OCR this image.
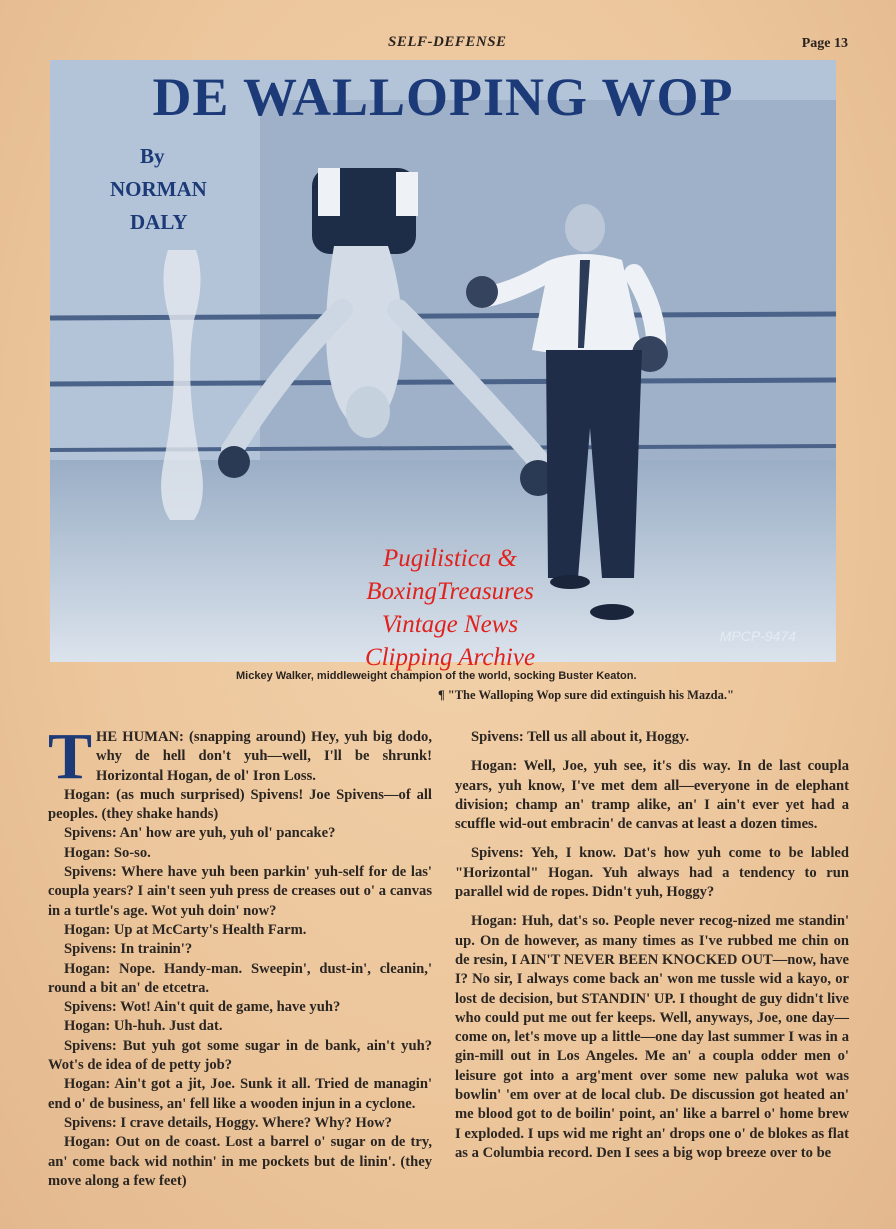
SELF-DEFENSE	Page 13
DE WALLOPING WOP
By
NORMAN
DALY
MPCP-9474
Mickey Walker, middleweight champion of the world, socking Buster Keaton.
¶ "The Walloping Wop sure did extinguish his Mazda."

THE HUMAN: (snapping around) Hey, yuh big dodo, why de hell don't yuh—well, I'll be shrunk! Horizontal Hogan, de ol' Iron Loss.

Hogan: (as much surprised) Spivens! Joe Spivens—of all peoples. (they shake hands)

Spivens: An' how are yuh, yuh ol' pancake?

Hogan: So-so.

Spivens: Where have yuh been parkin' yuh-self for de las' coupla years? I ain't seen yuh press de creases out o' a canvas in a turtle's age. Wot yuh doin' now?

Hogan: Up at McCarty's Health Farm.

Spivens: In trainin'?

Hogan: Nope. Handy-man. Sweepin', dust-in', cleanin,' round a bit an' de etcetra.

Spivens: Wot! Ain't quit de game, have yuh?

Hogan: Uh-huh. Just dat.

Spivens: But yuh got some sugar in de bank, ain't yuh? Wot's de idea of de petty job?

Hogan: Ain't got a jit, Joe. Sunk it all. Tried de managin' end o' de business, an' fell like a wooden injun in a cyclone.

Spivens: I crave details, Hoggy. Where? Why? How?

Hogan: Out on de coast. Lost a barrel o' sugar on de try, an' come back wid nothin' in me pockets but de linin'. (they move along a few feet)

Spivens: Tell us all about it, Hoggy.

Hogan: Well, Joe, yuh see, it's dis way. In de last coupla years, yuh know, I've met dem all—everyone in de elephant division; champ an' tramp alike, an' I ain't ever yet had a scuffle wid-out embracin' de canvas at least a dozen times.

Spivens: Yeh, I know. Dat's how yuh come to be labled "Horizontal" Hogan. Yuh always had a tendency to run parallel wid de ropes. Didn't yuh, Hoggy?

Hogan: Huh, dat's so. People never recog-nized me standin' up. On de however, as many times as I've rubbed me chin on de resin, I AIN'T NEVER BEEN KNOCKED OUT—now, have I? No sir, I always come back an' won me tussle wid a kayo, or lost de decision, but STANDIN' UP. I thought de guy didn't live who could put me out fer keeps. Well, anyways, Joe, one day—come on, let's move up a little—one day last summer I was in a gin-mill out in Los Angeles. Me an' a coupla odder men o' leisure got into a arg'ment over some new paluka wot was bowlin' 'em over at de local club. De discussion got heated an' me blood got to de boilin' point, an' like a barrel o' home brew I exploded. I ups wid me right an' drops one o' de blokes as flat as a Columbia record. Den I sees a big wop breeze over to be

Pugilistica &
BoxingTreasures
Vintage News
Clipping Archive
